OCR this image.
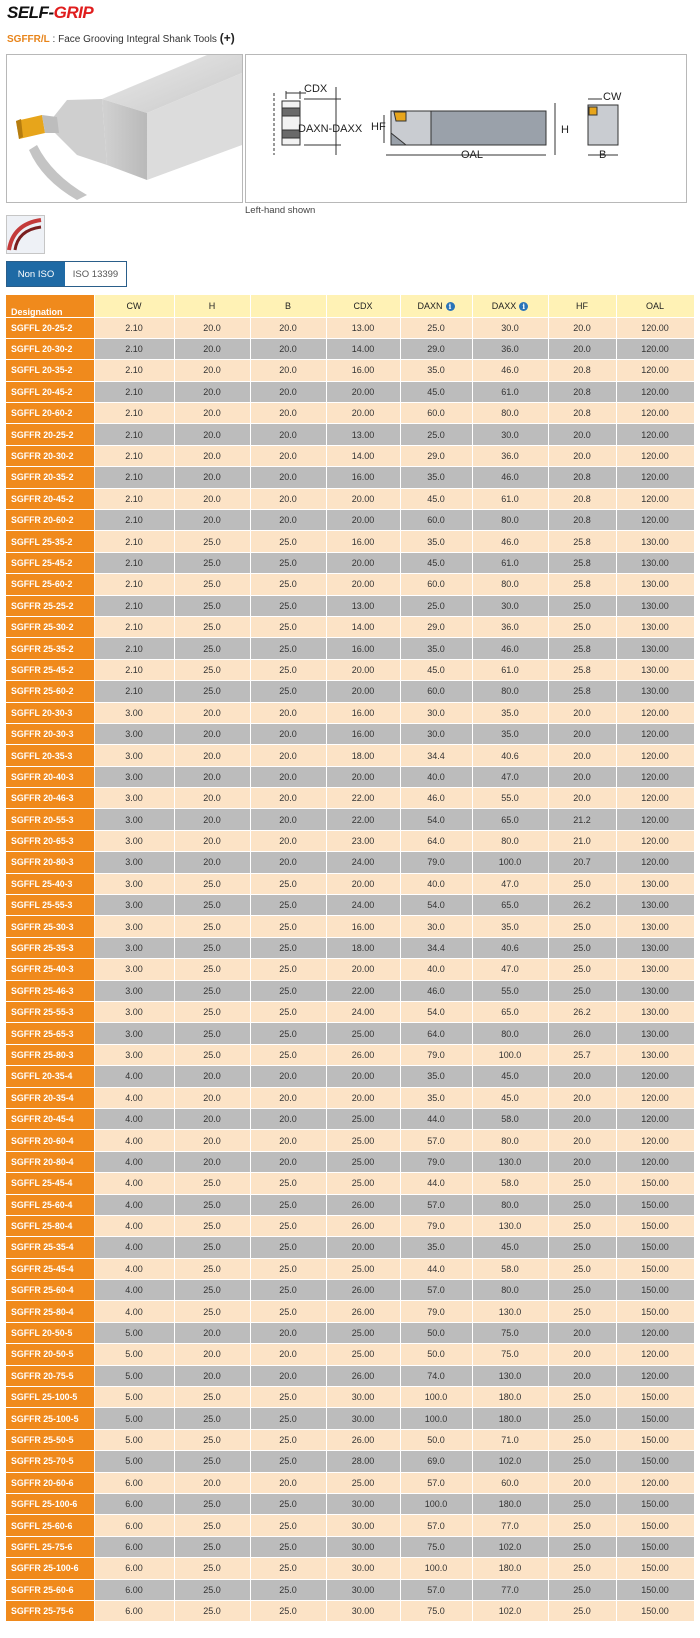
SELF-GRIP
SGFFR/L : Face Grooving Integral Shank Tools (+)
CDX
DAXN-DAXX HF	H
OAL
CW
B
Left-hand shown
Non ISO	ISO 13399
Designation	CW	H	B	CDX	DAXN i	DAXX i	HF	OAL
SGFFL 20-25-2	2.10	20.0	20.0	13.00	25.0	30.0	20.0	120.00
SGFFL 20-30-2	2.10	20.0	20.0	14.00	29.0	36.0	20.0	120.00
SGFFL 20-35-2	2.10	20.0	20.0	16.00	35.0	46.0	20.8	120.00
SGFFL 20-45-2	2.10	20.0	20.0	20.00	45.0	61.0	20.8	120.00
SGFFL 20-60-2	2.10	20.0	20.0	20.00	60.0	80.0	20.8	120.00
SGFFR 20-25-2	2.10	20.0	20.0	13.00	25.0	30.0	20.0	120.00
SGFFR 20-30-2	2.10	20.0	20.0	14.00	29.0	36.0	20.0	120.00
SGFFR 20-35-2	2.10	20.0	20.0	16.00	35.0	46.0	20.8	120.00
SGFFR 20-45-2	2.10	20.0	20.0	20.00	45.0	61.0	20.8	120.00
SGFFR 20-60-2	2.10	20.0	20.0	20.00	60.0	80.0	20.8	120.00
SGFFL 25-35-2	2.10	25.0	25.0	16.00	35.0	46.0	25.8	130.00
SGFFL 25-45-2	2.10	25.0	25.0	20.00	45.0	61.0	25.8	130.00
SGFFL 25-60-2	2.10	25.0	25.0	20.00	60.0	80.0	25.8	130.00
SGFFR 25-25-2	2.10	25.0	25.0	13.00	25.0	30.0	25.0	130.00
SGFFR 25-30-2	2.10	25.0	25.0	14.00	29.0	36.0	25.0	130.00
SGFFR 25-35-2	2.10	25.0	25.0	16.00	35.0	46.0	25.8	130.00
SGFFR 25-45-2	2.10	25.0	25.0	20.00	45.0	61.0	25.8	130.00
SGFFR 25-60-2	2.10	25.0	25.0	20.00	60.0	80.0	25.8	130.00
SGFFL 20-30-3	3.00	20.0	20.0	16.00	30.0	35.0	20.0	120.00
SGFFR 20-30-3	3.00	20.0	20.0	16.00	30.0	35.0	20.0	120.00
SGFFL 20-35-3	3.00	20.0	20.0	18.00	34.4	40.6	20.0	120.00
SGFFR 20-40-3	3.00	20.0	20.0	20.00	40.0	47.0	20.0	120.00
SGFFR 20-46-3	3.00	20.0	20.0	22.00	46.0	55.0	20.0	120.00
SGFFR 20-55-3	3.00	20.0	20.0	22.00	54.0	65.0	21.2	120.00
SGFFR 20-65-3	3.00	20.0	20.0	23.00	64.0	80.0	21.0	120.00
SGFFR 20-80-3	3.00	20.0	20.0	24.00	79.0	100.0	20.7	120.00
SGFFL 25-40-3	3.00	25.0	25.0	20.00	40.0	47.0	25.0	130.00
SGFFL 25-55-3	3.00	25.0	25.0	24.00	54.0	65.0	26.2	130.00
SGFFR 25-30-3	3.00	25.0	25.0	16.00	30.0	35.0	25.0	130.00
SGFFR 25-35-3	3.00	25.0	25.0	18.00	34.4	40.6	25.0	130.00
SGFFR 25-40-3	3.00	25.0	25.0	20.00	40.0	47.0	25.0	130.00
SGFFR 25-46-3	3.00	25.0	25.0	22.00	46.0	55.0	25.0	130.00
SGFFR 25-55-3	3.00	25.0	25.0	24.00	54.0	65.0	26.2	130.00
SGFFR 25-65-3	3.00	25.0	25.0	25.00	64.0	80.0	26.0	130.00
SGFFR 25-80-3	3.00	25.0	25.0	26.00	79.0	100.0	25.7	130.00
SGFFL 20-35-4	4.00	20.0	20.0	20.00	35.0	45.0	20.0	120.00
SGFFR 20-35-4	4.00	20.0	20.0	20.00	35.0	45.0	20.0	120.00
SGFFR 20-45-4	4.00	20.0	20.0	25.00	44.0	58.0	20.0	120.00
SGFFR 20-60-4	4.00	20.0	20.0	25.00	57.0	80.0	20.0	120.00
SGFFR 20-80-4	4.00	20.0	20.0	25.00	79.0	130.0	20.0	120.00
SGFFL 25-45-4	4.00	25.0	25.0	25.00	44.0	58.0	25.0	150.00
SGFFL 25-60-4	4.00	25.0	25.0	26.00	57.0	80.0	25.0	150.00
SGFFL 25-80-4	4.00	25.0	25.0	26.00	79.0	130.0	25.0	150.00
SGFFR 25-35-4	4.00	25.0	25.0	20.00	35.0	45.0	25.0	150.00
SGFFR 25-45-4	4.00	25.0	25.0	25.00	44.0	58.0	25.0	150.00
SGFFR 25-60-4	4.00	25.0	25.0	26.00	57.0	80.0	25.0	150.00
SGFFR 25-80-4	4.00	25.0	25.0	26.00	79.0	130.0	25.0	150.00
SGFFL 20-50-5	5.00	20.0	20.0	25.00	50.0	75.0	20.0	120.00
SGFFR 20-50-5	5.00	20.0	20.0	25.00	50.0	75.0	20.0	120.00
SGFFR 20-75-5	5.00	20.0	20.0	26.00	74.0	130.0	20.0	120.00
SGFFL 25-100-5	5.00	25.0	25.0	30.00	100.0	180.0	25.0	150.00
SGFFR 25-100-5	5.00	25.0	25.0	30.00	100.0	180.0	25.0	150.00
SGFFR 25-50-5	5.00	25.0	25.0	26.00	50.0	71.0	25.0	150.00
SGFFR 25-70-5	5.00	25.0	25.0	28.00	69.0	102.0	25.0	150.00
SGFFR 20-60-6	6.00	20.0	20.0	25.00	57.0	60.0	20.0	120.00
SGFFL 25-100-6	6.00	25.0	25.0	30.00	100.0	180.0	25.0	150.00
SGFFL 25-60-6	6.00	25.0	25.0	30.00	57.0	77.0	25.0	150.00
SGFFL 25-75-6	6.00	25.0	25.0	30.00	75.0	102.0	25.0	150.00
SGFFR 25-100-6	6.00	25.0	25.0	30.00	100.0	180.0	25.0	150.00
SGFFR 25-60-6	6.00	25.0	25.0	30.00	57.0	77.0	25.0	150.00
SGFFR 25-75-6	6.00	25.0	25.0	30.00	75.0	102.0	25.0	150.00
